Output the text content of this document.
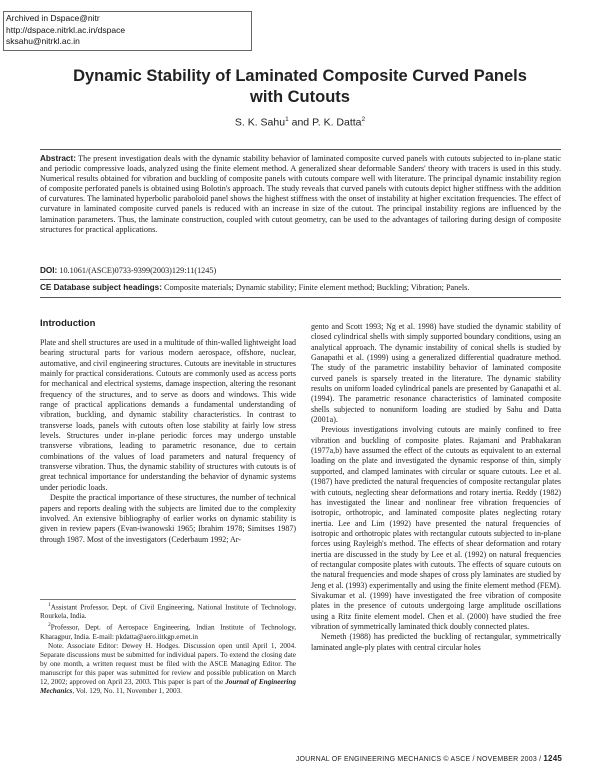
Archived in Dspace@nitr
http://dspace.nitrkl.ac.in/dspace
sksahu@nitrkl.ac.in
Dynamic Stability of Laminated Composite Curved Panels
with Cutouts
S. K. Sahu$^1$ and P. K. Datta$^2$
Abstract: The present investigation deals with the dynamic stability behavior of laminated composite curved panels with cutouts subjected to in-plane static and periodic compressive loads, analyzed using the finite element method. A generalized shear deformable Sanders' theory with tracers is used in this study. Numerical results obtained for vibration and buckling of composite panels with cutouts compare well with literature. The principal dynamic instability region of composite perforated panels is obtained using Bolotin's approach. The study reveals that curved panels with cutouts depict higher stiffness with the addition of curvatures. The laminated hyperbolic paraboloid panel shows the highest stiffness with the onset of instability at higher excitation frequencies. The effect of curvature in laminated composite curved panels is reduced with an increase in size of the cutout. The principal instability regions are influenced by the lamination parameters. Thus, the laminate construction, coupled with cutout geometry, can be used to the advantages of tailoring during design of composite structures for practical applications.
DOI: 10.1061/(ASCE)0733-9399(2003)129:11(1245)
CE Database subject headings: Composite materials; Dynamic stability; Finite element method; Buckling; Vibration; Panels.
Introduction

Plate and shell structures are used in a multitude of thin-walled lightweight load bearing structural parts for various modern aerospace, offshore, nuclear, automative, and civil engineering structures. Cutouts are inevitable in structures mainly for practical considerations. Cutouts are commonly used as access ports for mechanical and electrical systems, damage inspection, altering the resonant frequency of the structures, and to serve as doors and windows. This wide range of practical applications demands a fundamental understanding of vibration, buckling, and dynamic stability characteristics. In contrast to transverse loads, panels with cutouts often lose stability at fairly low stress levels. Structures under in-plane periodic forces may undergo unstable transverse vibrations, leading to parametric resonance, due to certain combinations of the values of load parameters and natural frequency of transverse vibration. Thus, the dynamic stability of structures with cutouts is of great technical importance for understanding the behavior of dynamic systems under periodic loads.

Despite the practical importance of these structures, the number of technical papers and reports dealing with the subjects are limited due to the complexity involved. An extensive bibliography of earlier works on dynamic stability is given in review papers (Evan-iwanowski 1965; Ibrahim 1978; Simitses 1987) through 1987. Most of the investigators (Cederbaum 1992; Ar-

$^1$Assistant Professor, Dept. of Civil Engineering, National Institute of Technology, Rourkela, India.

$^2$Professor, Dept. of Aerospace Engineering, Indian Institute of Technology, Kharagpur, India. E-mail: pkdatta@aero.iitkgp.ernet.in

Note. Associate Editor: Dewey H. Hodges. Discussion open until April 1, 2004. Separate discussions must be submitted for individual papers. To extend the closing date by one month, a written request must be filed with the ASCE Managing Editor. The manuscript for this paper was submitted for review and possible publication on March 12, 2002; approved on April 23, 2003. This paper is part of the Journal of Engineering Mechanics, Vol. 129, No. 11, November 1, 2003.

gento and Scott 1993; Ng et al. 1998) have studied the dynamic stability of closed cylindrical shells with simply supported boundary conditions, using an analytical approach. The dynamic instability of conical shells is studied by Ganapathi et al. (1999) using a generalized differential quadrature method. The study of the parametric instability behavior of laminated composite curved panels is sparsely treated in the literature. The dynamic stability results on uniform loaded cylindrical panels are presented by Ganapathi et al. (1994). The parametric resonance characteristics of laminated composite shells subjected to nonuniform loading are studied by Sahu and Datta (2001a).

Previous investigations involving cutouts are mainly confined to free vibration and buckling of composite plates. Rajamani and Prabhakaran (1977a,b) have assumed the effect of the cutouts as equivalent to an external loading on the plate and investigated the dynamic response of thin, simply supported, and clamped laminates with circular or square cutouts. Lee et al. (1987) have predicted the natural frequencies of composite rectangular plates with cutouts, neglecting shear deformations and rotary inertia. Reddy (1982) has investigated the linear and nonlinear free vibration frequencies of isotropic, orthotropic, and laminated composite plates neglecting rotary inertia. Lee and Lim (1992) have presented the natural frequencies of isotropic and orthotropic plates with rectangular cutouts subjected to in-plane forces using Rayleigh's method. The effects of shear deformation and rotary inertia are discussed in the study by Lee et al. (1992) on natural frequencies of rectangular composite plates with cutouts. The effects of square cutouts on the natural frequencies and mode shapes of cross ply laminates are studied by Jeng et al. (1993) experimentally and using the finite element method (FEM). Sivakumar et al. (1999) have investigated the free vibration of composite plates in the presence of cutouts undergoing large amplitude oscillations using a Ritz finite element model. Chen et al. (2000) have studied the free vibration of symmetrically laminated thick doubly connected plates.

Nemeth (1988) has predicted the buckling of rectangular, symmetrically laminated angle-ply plates with central circular holes

JOURNAL OF ENGINEERING MECHANICS © ASCE / NOVEMBER 2003 / 1245
